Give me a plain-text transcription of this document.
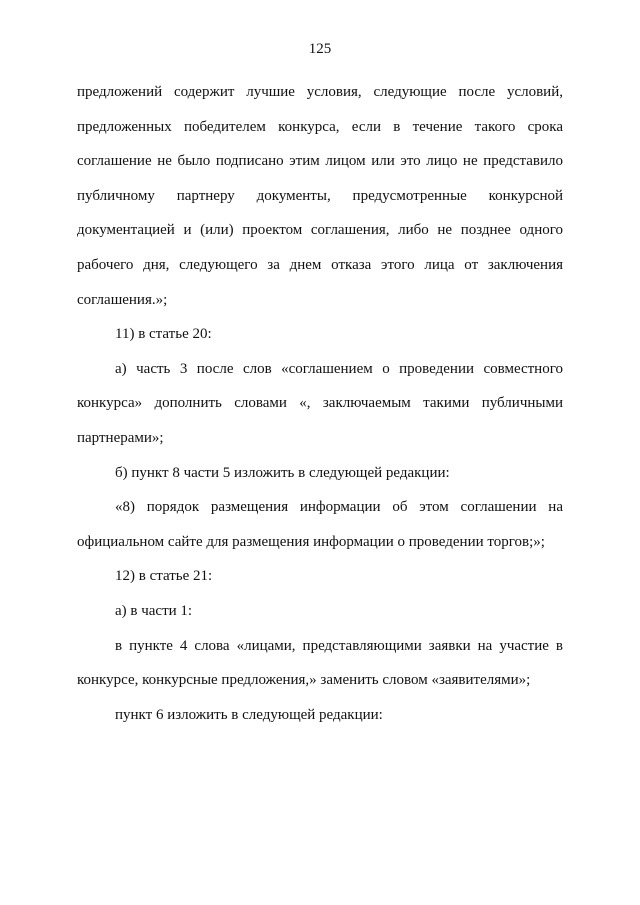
125

предложений содержит лучшие условия, следующие после условий, предложенных победителем конкурса, если в течение такого срока соглашение не было подписано этим лицом или это лицо не представило публичному партнеру документы, предусмотренные конкурсной документацией и (или) проектом соглашения, либо не позднее одного рабочего дня, следующего за днем отказа этого лица от заключения соглашения.»;

11) в статье 20:

а) часть 3 после слов «соглашением о проведении совместного конкурса» дополнить словами «, заключаемым такими публичными партнерами»;

б) пункт 8 части 5 изложить в следующей редакции:

«8) порядок размещения информации об этом соглашении на официальном сайте для размещения информации о проведении торгов;»;

12) в статье 21:

а) в части 1:

в пункте 4 слова «лицами, представляющими заявки на участие в конкурсе, конкурсные предложения,» заменить словом «заявителями»;

пункт 6 изложить в следующей редакции:
